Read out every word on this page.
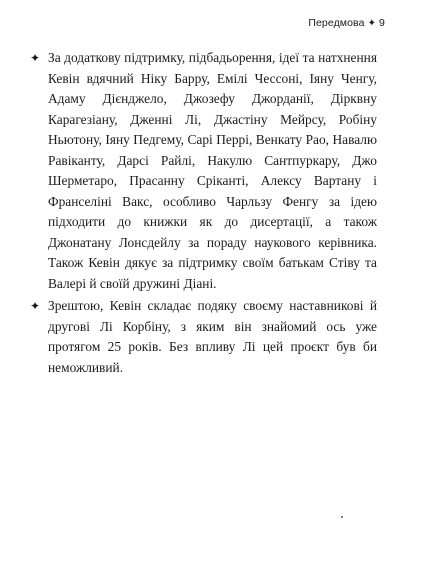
Передмова ✦ 9

✦ За додаткову підтримку, підбадьорення, ідеї та натхнення Кевін вдячний Ніку Барру, Емілі Чессоні, Іяну Ченгу, Адаму Дієнджело, Джозефу Джорданії, Дірквну Карагезіану, Дженні Лі, Джастіну Мейрсу, Робіну Ньютону, Іяну Педгему, Сарі Перрі, Венкату Рао, Навалю Равіканту, Дарсі Райлі, Накулю Сантпуркару, Джо Шерметаро, Прасанну Срікантi, Алексу Вартану і Франселіні Вакс, особливо Чарльзу Фенгу за ідею підходити до книжки як до дисертації, а також Джонатану Лонсдейлу за пораду наукового керівника. Також Кевін дякує за підтримку своїм батькам Стіву та Валері й своїй дружині Діані.

✦ Зрештою, Кевін складає подяку своєму наставникові й другові Лі Корбіну, з яким він знайомий ось уже протягом 25 років. Без впливу Лі цей проєкт був би неможливий.
